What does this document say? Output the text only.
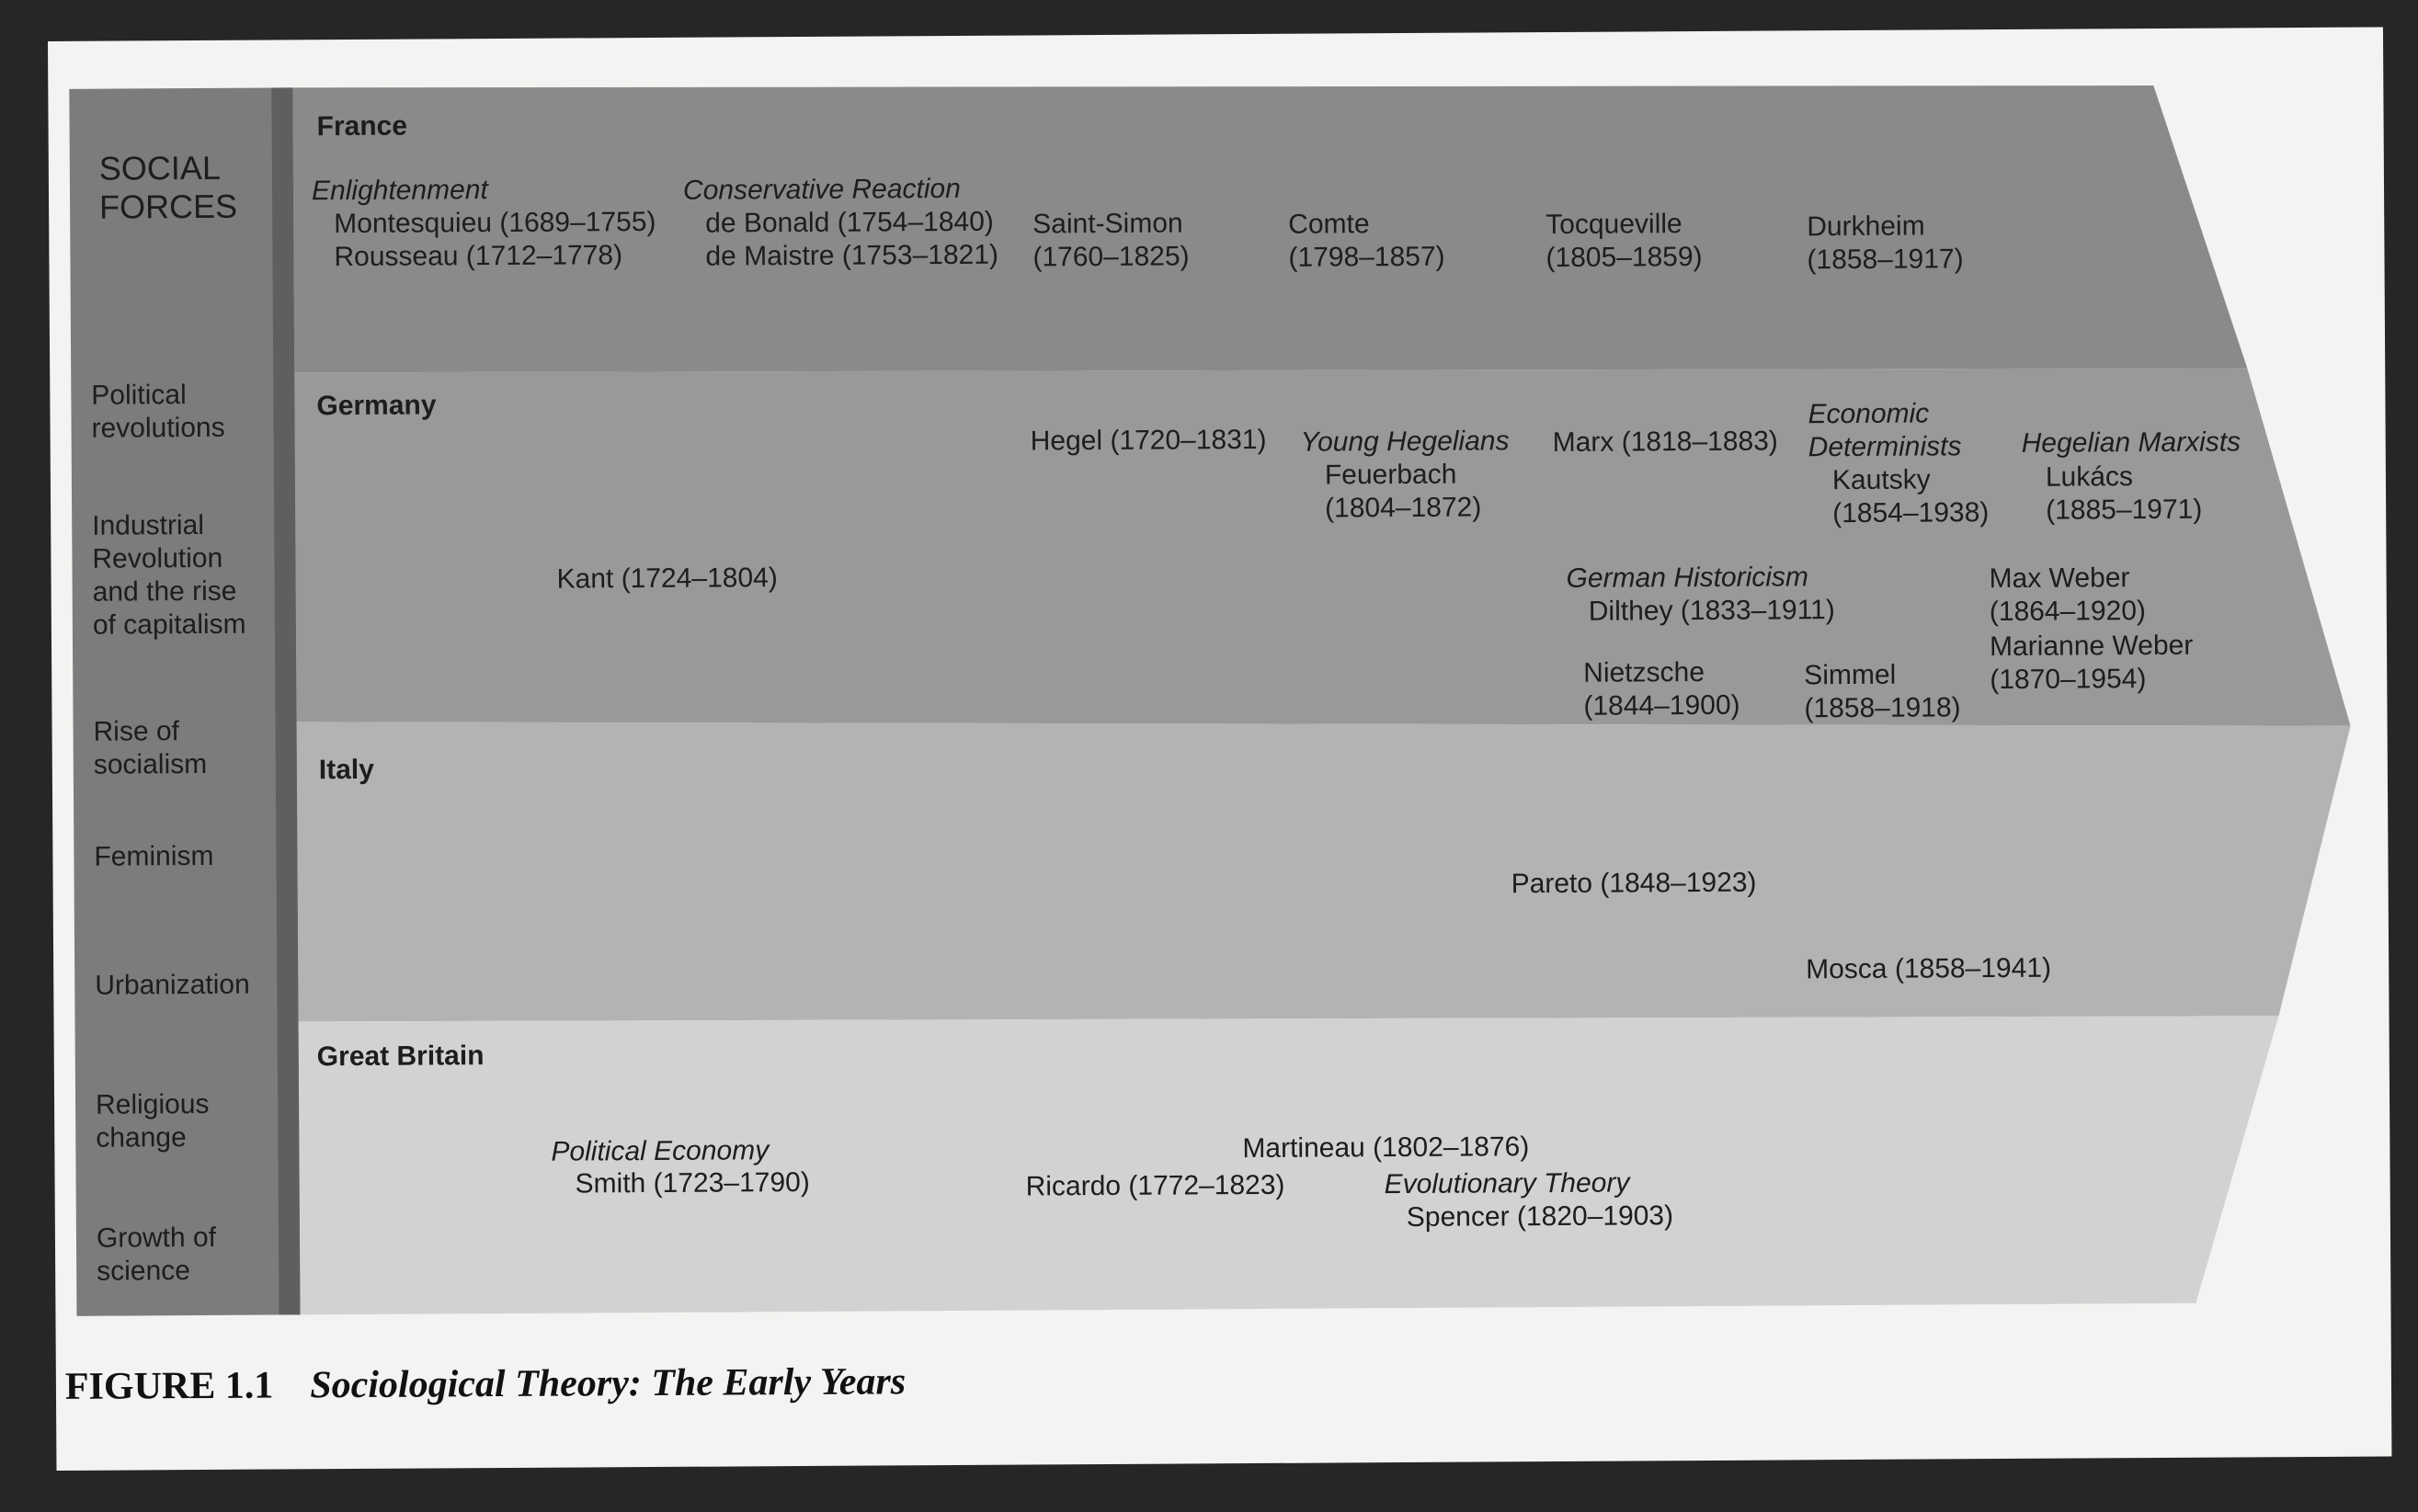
SOCIAL
FORCES
Political
revolutions
Industrial
Revolution
and the rise
of capitalism
Rise of
socialism
Feminism
Urbanization
Religious
change
Growth of
science
France
Enlightenment
Montesquieu (1689–1755)
Rousseau (1712–1778)
Conservative Reaction
de Bonald (1754–1840)
de Maistre (1753–1821)
Saint-Simon
(1760–1825)
Comte
(1798–1857)
Tocqueville
(1805–1859)
Durkheim
(1858–1917)
Germany
Hegel (1720–1831) Young Hegelians
Feuerbach
(1804–1872)
Marx (1818–1883)
Economic
Determinists
Kautsky
(1854–1938)
Hegelian Marxists
Lukács
(1885–1971)
Kant (1724–1804)	German Historicism
Dilthey (1833–1911)
Max Weber
(1864–1920)
Marianne Weber
(1870–1954)
Nietzsche
(1844–1900)
Simmel
(1858–1918)
Italy
Pareto (1848–1923)
Mosca (1858–1941)
Great Britain
Political Economy
Smith (1723–1790)
Martineau (1802–1876)
Ricardo (1772–1823)	Evolutionary Theory
Spencer (1820–1903)
FIGURE 1.1 Sociological Theory: The Early Years
